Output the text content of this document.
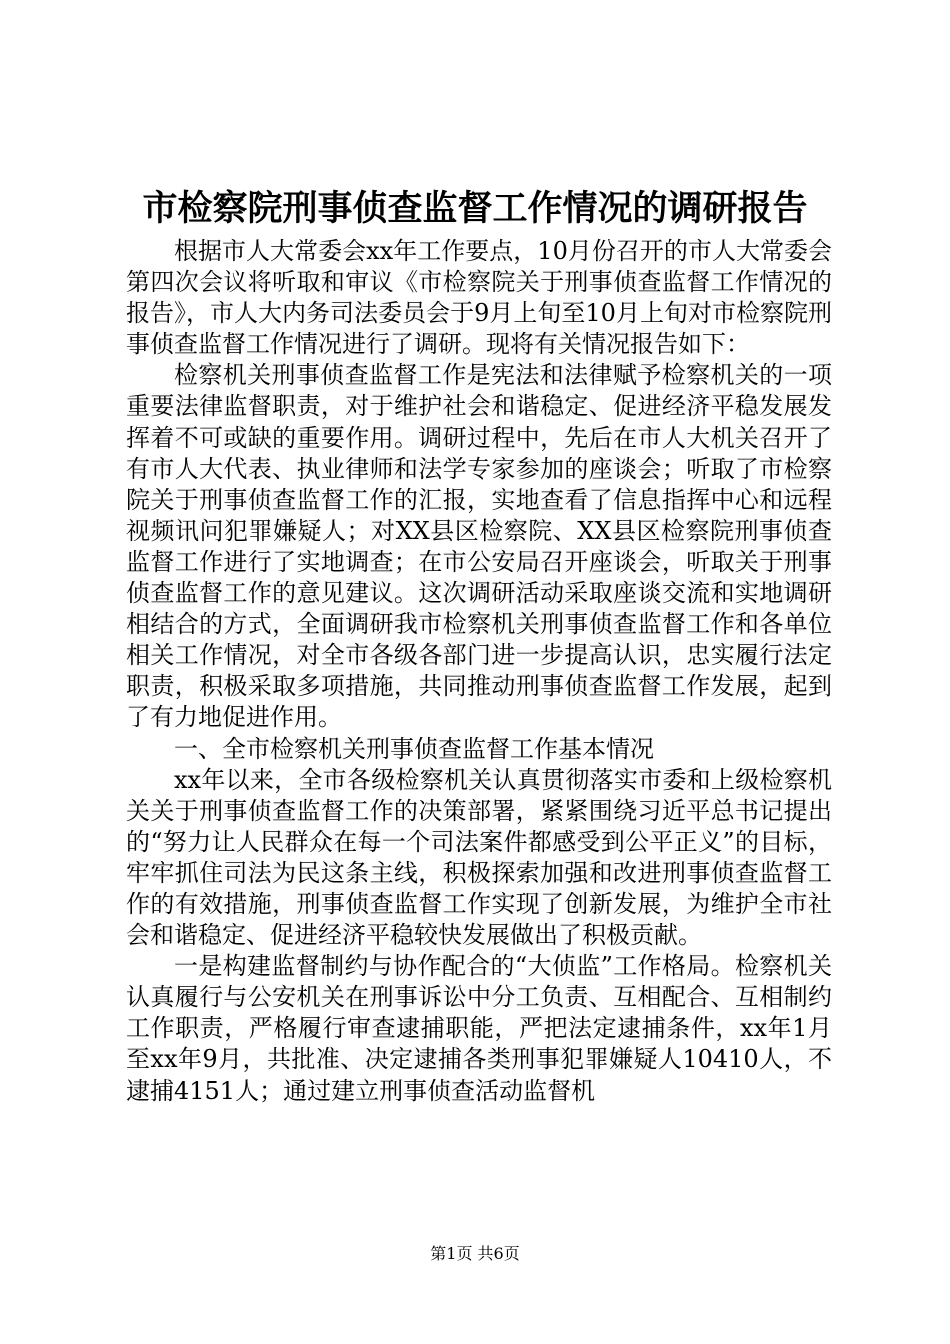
市检察院刑事侦查监督工作情况的调研报告

根据市人大常委会xx年工作要点，10月份召开的市人大常委会第四次会议将听取和审议《市检察院关于刑事侦查监督工作情况的报告》，市人大内务司法委员会于9月上旬至10月上旬对市检察院刑事侦查监督工作情况进行了调研。现将有关情况报告如下：

检察机关刑事侦查监督工作是宪法和法律赋予检察机关的一项重要法律监督职责，对于维护社会和谐稳定、促进经济平稳发展发挥着不可或缺的重要作用。调研过程中，先后在市人大机关召开了有市人大代表、执业律师和法学专家参加的座谈会；听取了市检察院关于刑事侦查监督工作的汇报，实地查看了信息指挥中心和远程视频讯问犯罪嫌疑人；对XX县区检察院、XX县区检察院刑事侦查监督工作进行了实地调查；在市公安局召开座谈会，听取关于刑事侦查监督工作的意见建议。这次调研活动采取座谈交流和实地调研相结合的方式，全面调研我市检察机关刑事侦查监督工作和各单位相关工作情况，对全市各级各部门进一步提高认识，忠实履行法定职责，积极采取多项措施，共同推动刑事侦查监督工作发展，起到了有力地促进作用。

一、全市检察机关刑事侦查监督工作基本情况

xx年以来，全市各级检察机关认真贯彻落实市委和上级检察机关关于刑事侦查监督工作的决策部署，紧紧围绕习近平总书记提出的“努力让人民群众在每一个司法案件都感受到公平正义”的目标，牢牢抓住司法为民这条主线，积极探索加强和改进刑事侦查监督工作的有效措施，刑事侦查监督工作实现了创新发展，为维护全市社会和谐稳定、促进经济平稳较快发展做出了积极贡献。

一是构建监督制约与协作配合的“大侦监”工作格局。检察机关认真履行与公安机关在刑事诉讼中分工负责、互相配合、互相制约工作职责，严格履行审查逮捕职能，严把法定逮捕条件，xx年1月至xx年9月，共批准、决定逮捕各类刑事犯罪嫌疑人10410人，不逮捕4151人；通过建立刑事侦查活动监督机

第1页 共6页
